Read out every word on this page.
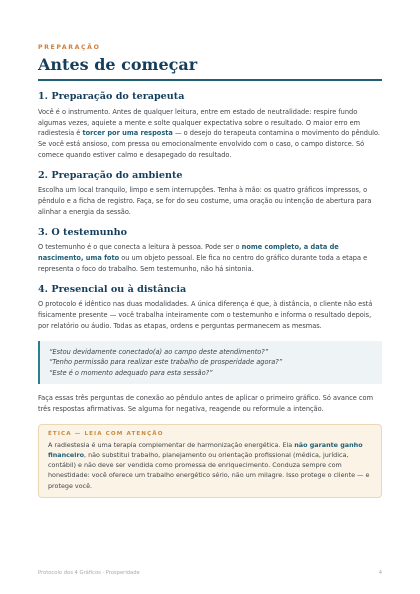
PREPARAÇÃO
Antes de começar
1. Preparação do terapeuta

Você é o instrumento. Antes de qualquer leitura, entre em estado de neutralidade: respire fundo algumas vezes, aquiete a mente e solte qualquer expectativa sobre o resultado. O maior erro em radiestesia é torcer por uma resposta — o desejo do terapeuta contamina o movimento do pêndulo. Se você está ansioso, com pressa ou emocionalmente envolvido com o caso, o campo distorce. Só comece quando estiver calmo e desapegado do resultado.

2. Preparação do ambiente

Escolha um local tranquilo, limpo e sem interrupções. Tenha à mão: os quatro gráficos impressos, o pêndulo e a ficha de registro. Faça, se for do seu costume, uma oração ou intenção de abertura para alinhar a energia da sessão.

3. O testemunho

O testemunho é o que conecta a leitura à pessoa. Pode ser o nome completo, a data de nascimento, uma foto ou um objeto pessoal. Ele fica no centro do gráfico durante toda a etapa e representa o foco do trabalho. Sem testemunho, não há sintonia.

4. Presencial ou à distância

O protocolo é idêntico nas duas modalidades. A única diferença é que, à distância, o cliente não está fisicamente presente — você trabalha inteiramente com o testemunho e informa o resultado depois, por relatório ou áudio. Todas as etapas, ordens e perguntas permanecem as mesmas.

“Estou devidamente conectado(a) ao campo deste atendimento?”
“Tenho permissão para realizar este trabalho de prosperidade agora?”
“Este é o momento adequado para esta sessão?”

Faça essas três perguntas de conexão ao pêndulo antes de aplicar o primeiro gráfico. Só avance com três respostas afirmativas. Se alguma for negativa, reagende ou reformule a intenção.

ÉTICA — LEIA COM ATENÇÃO

A radiestesia é uma terapia complementar de harmonização energética. Ela não garante ganho financeiro, não substitui trabalho, planejamento ou orientação profissional (médica, jurídica, contábil) e não deve ser vendida como promessa de enriquecimento. Conduza sempre com honestidade: você oferece um trabalho energético sério, não um milagre. Isso protege o cliente — e protege você.

Protocolo dos 4 Gráficos · Prosperidade	4
